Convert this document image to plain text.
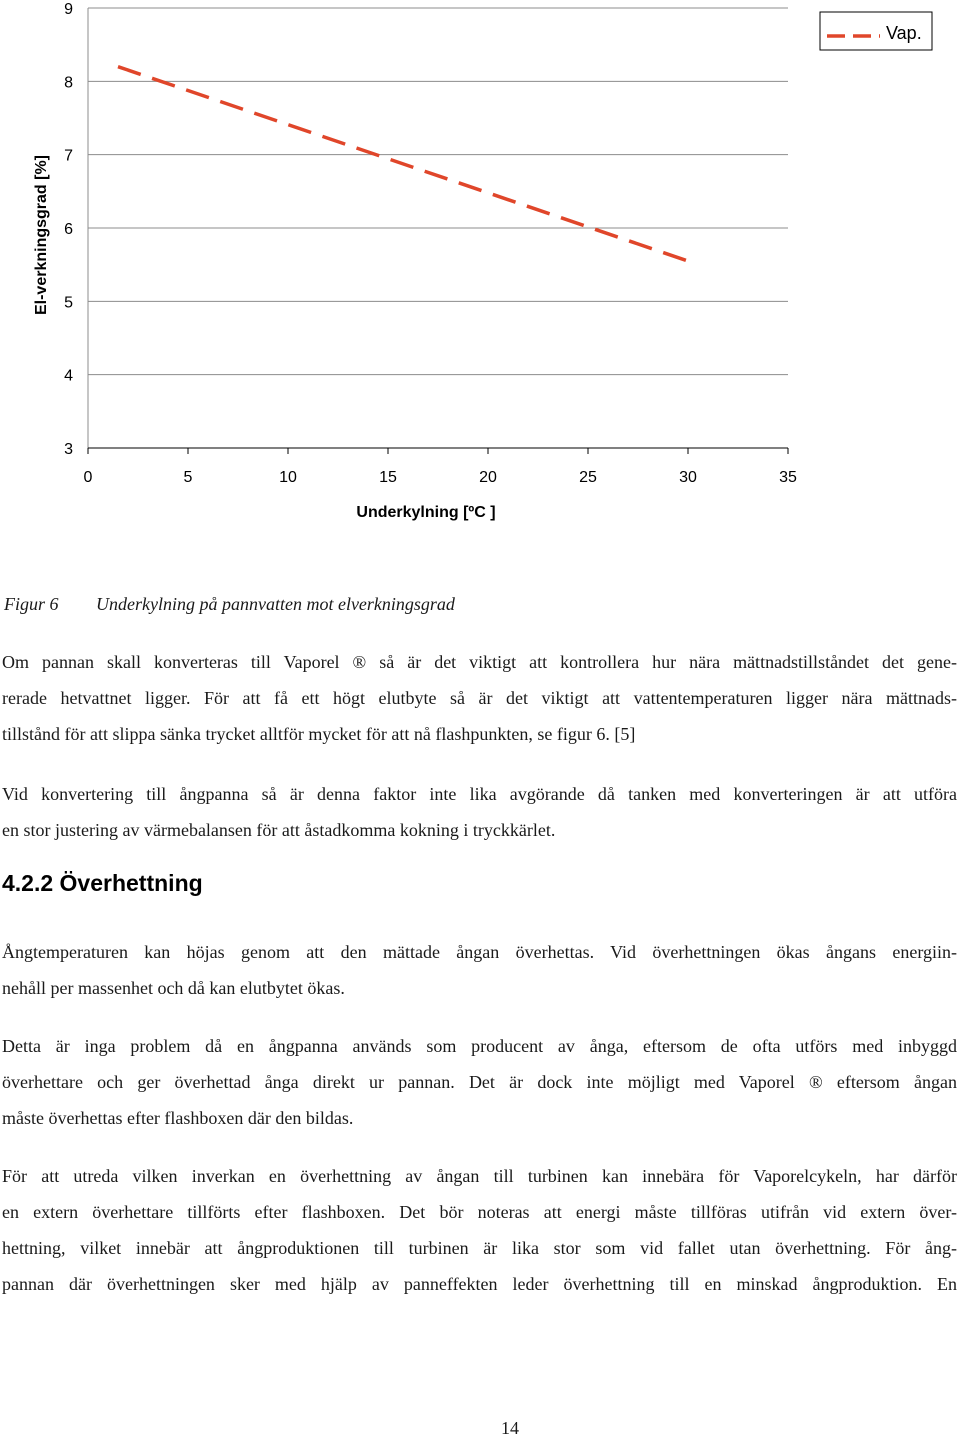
3
4
5
6
7
8
9
0	5	10	15	20	25	30	35
Underkylning [ºC ]
El-verkningsgrad [%]
Vap.
Figur 6 Underkylning på pannvatten mot elverkningsgrad

Om pannan skall konverteras till Vaporel ® så är det viktigt att kontrollera hur nära mättnadstillståndet det gene-
rerade hetvattnet ligger. För att få ett högt elutbyte så är det viktigt att vattentemperaturen ligger nära mättnads-
tillstånd för att slippa sänka trycket alltför mycket för att nå flashpunkten, se figur 6. [5]

Vid konvertering till ångpanna så är denna faktor inte lika avgörande då tanken med konverteringen är att utföra
en stor justering av värmebalansen för att åstadkomma kokning i tryckkärlet.

4.2.2 Överhettning

Ångtemperaturen kan höjas genom att den mättade ångan överhettas. Vid överhettningen ökas ångans energiin-
nehåll per massenhet och då kan elutbytet ökas.

Detta är inga problem då en ångpanna används som producent av ånga, eftersom de ofta utförs med inbyggd
överhettare och ger överhettad ånga direkt ur pannan. Det är dock inte möjligt med Vaporel ® eftersom ångan
måste överhettas efter flashboxen där den bildas.

För att utreda vilken inverkan en överhettning av ångan till turbinen kan innebära för Vaporelcykeln, har därför
en extern överhettare tillförts efter flashboxen. Det bör noteras att energi måste tillföras utifrån vid extern över-
hettning, vilket innebär att ångproduktionen till turbinen är lika stor som vid fallet utan överhettning. För ång-
pannan där överhettningen sker med hjälp av panneffekten leder överhettning till en minskad ångproduktion. En

14
